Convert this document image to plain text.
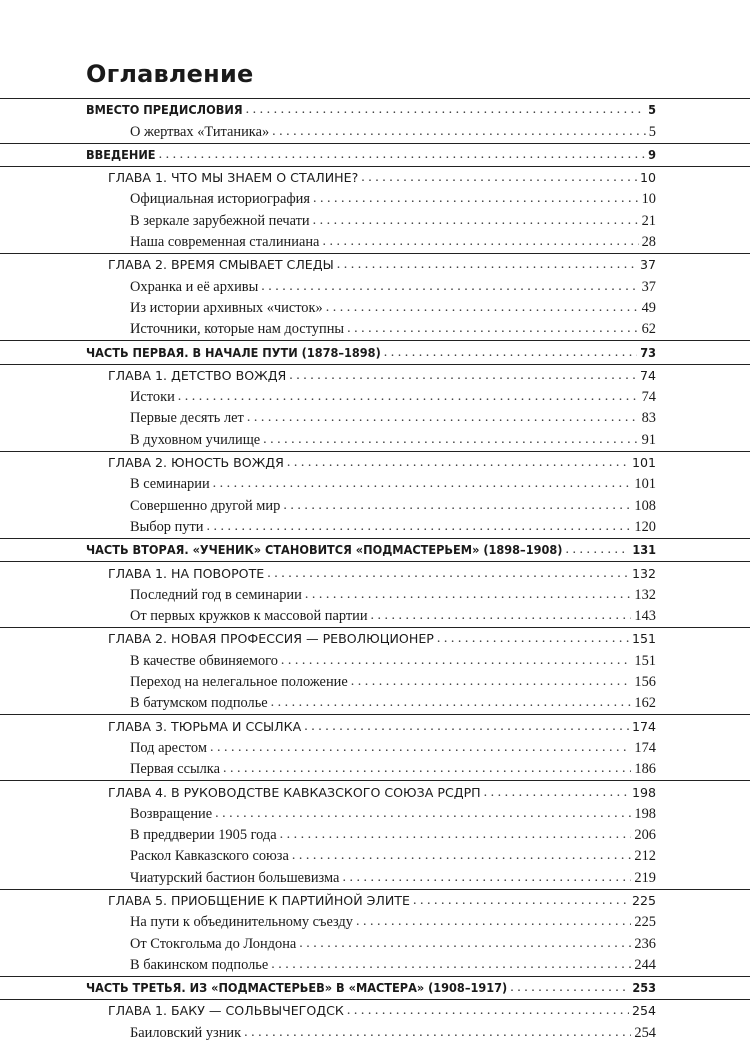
Оглавление
ВМЕСТО ПРЕДИСЛОВИЯ . . .	5
О жертвах «Титаника» . . .	5
ВВЕДЕНИЕ . . .	9
ГЛАВА 1. ЧТО МЫ ЗНАЕМ О СТАЛИНЕ? . . .	10
Официальная историография . . .	10
В зеркале зарубежной печати . . .	21
Наша современная сталиниана . . .	28
ГЛАВА 2. ВРЕМЯ СМЫВАЕТ СЛЕДЫ . . .	37
Охранка и её архивы . . .	37
Из истории архивных «чисток» . . .	49
Источники, которые нам доступны . . .	62
ЧАСТЬ ПЕРВАЯ. В НАЧАЛЕ ПУТИ (1878–1898) . . .	73
ГЛАВА 1. ДЕТСТВО ВОЖДЯ . . .	74
Истоки . . .	74
Первые десять лет . . .	83
В духовном училище . . .	91
ГЛАВА 2. ЮНОСТЬ ВОЖДЯ . . .	101
В семинарии . . .	101
Совершенно другой мир . . .	108
Выбор пути . . .	120
ЧАСТЬ ВТОРАЯ. «УЧЕНИК» СТАНОВИТСЯ «ПОДМАСТЕРЬЕМ» (1898–1908) . . .	131
ГЛАВА 1. НА ПОВОРОТЕ . . .	132
Последний год в семинарии . . .	132
От первых кружков к массовой партии . . .	143
ГЛАВА 2. НОВАЯ ПРОФЕССИЯ — РЕВОЛЮЦИОНЕР . . .	151
В качестве обвиняемого . . .	151
Переход на нелегальное положение . . .	156
В батумском подполье . . .	162
ГЛАВА 3. ТЮРЬМА И ССЫЛКА . . .	174
Под арестом . . .	174
Первая ссылка . . .	186
ГЛАВА 4. В РУКОВОДСТВЕ КАВКАЗСКОГО СОЮЗА РСДРП . . .	198
Возвращение . . .	198
В преддверии 1905 года . . .	206
Раскол Кавказского союза . . .	212
Чиатурский бастион большевизма . . .	219
ГЛАВА 5. ПРИОБЩЕНИЕ К ПАРТИЙНОЙ ЭЛИТЕ . . .	225
На пути к объединительному съезду . . .	225
От Стокгольма до Лондона . . .	236
В бакинском подполье . . .	244
ЧАСТЬ ТРЕТЬЯ. ИЗ «ПОДМАСТЕРЬЕВ» В «МАСТЕРА» (1908–1917) . . .	253
ГЛАВА 1. БАКУ — СОЛЬВЫЧЕГОДСК . . .	254
Баиловский узник . . .	254
